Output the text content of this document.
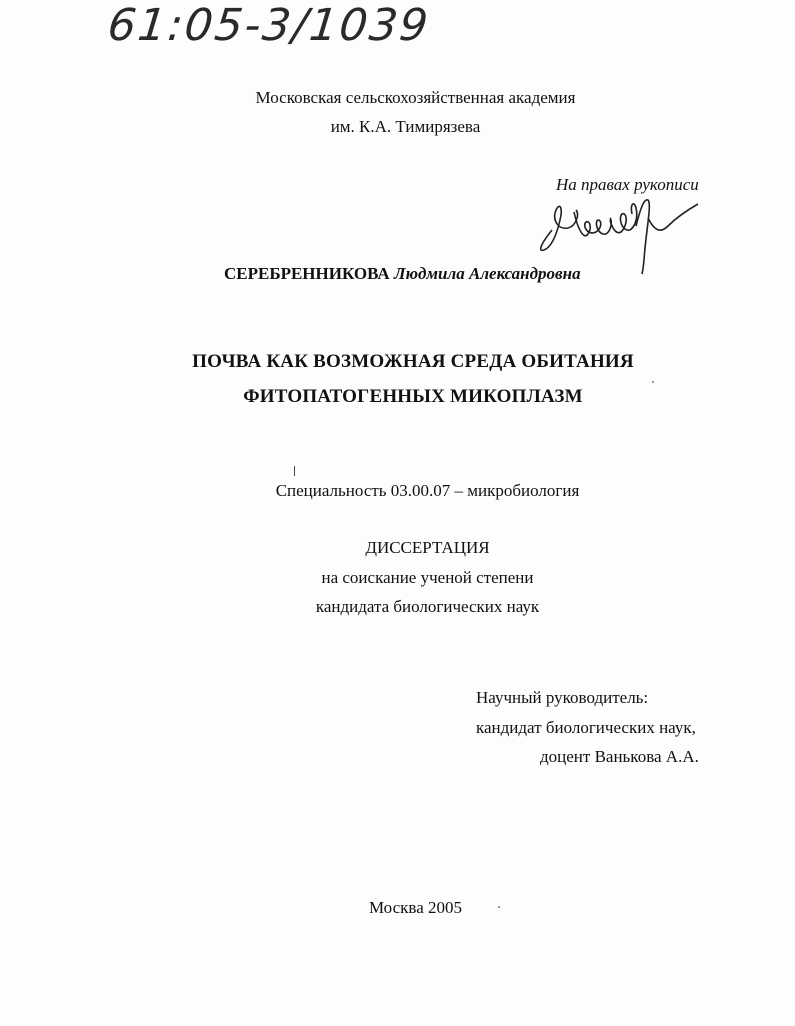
61:05-3/1039
Московская сельскохозяйственная академия
им. К.А. Тимирязева
На правах рукописи
СЕРЕБРЕННИКОВА Людмила Александровна
ПОЧВА КАК ВОЗМОЖНАЯ СРЕДА ОБИТАНИЯ
ФИТОПАТОГЕННЫХ МИКОПЛАЗМ
Специальность 03.00.07 – микробиология
ДИССЕРТАЦИЯ
на соискание ученой степени
кандидата биологических наук
Научный руководитель:
кандидат биологических наук,
доцент Ванькова А.А.
Москва 2005
